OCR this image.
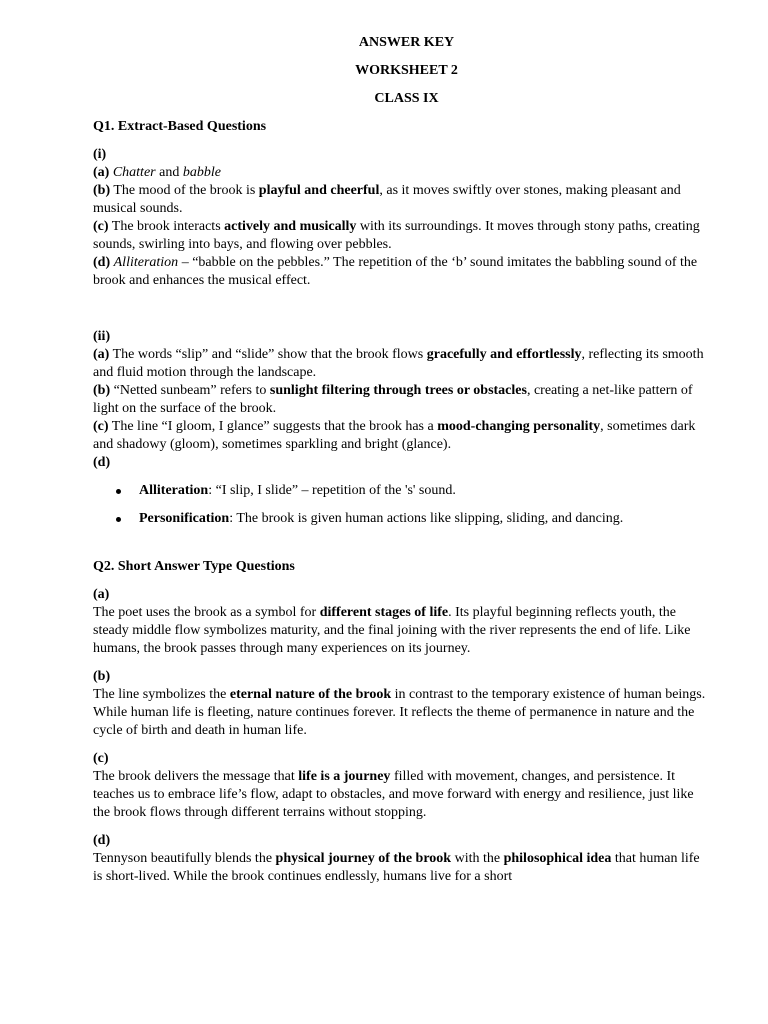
ANSWER KEY
WORKSHEET 2
CLASS IX
Q1. Extract-Based Questions

(i)

(a) Chatter and babble

(b) The mood of the brook is playful and cheerful, as it moves swiftly over stones, making pleasant and musical sounds.

(c) The brook interacts actively and musically with its surroundings. It moves through stony paths, creating sounds, swirling into bays, and flowing over pebbles.

(d) Alliteration – “babble on the pebbles.” The repetition of the ‘b’ sound imitates the babbling sound of the brook and enhances the musical effect.

(ii)

(a) The words “slip” and “slide” show that the brook flows gracefully and effortlessly, reflecting its smooth and fluid motion through the landscape.

(b) “Netted sunbeam” refers to sunlight filtering through trees or obstacles, creating a net-like pattern of light on the surface of the brook.

(c) The line “I gloom, I glance” suggests that the brook has a mood-changing personality, sometimes dark and shadowy (gloom), sometimes sparkling and bright (glance).

(d)

Alliteration: “I slip, I slide” – repetition of the 's' sound.
Personification: The brook is given human actions like slipping, sliding, and dancing.
Q2. Short Answer Type Questions

(a)

The poet uses the brook as a symbol for different stages of life. Its playful beginning reflects youth, the steady middle flow symbolizes maturity, and the final joining with the river represents the end of life. Like humans, the brook passes through many experiences on its journey.

(b)

The line symbolizes the eternal nature of the brook in contrast to the temporary existence of human beings. While human life is fleeting, nature continues forever. It reflects the theme of permanence in nature and the cycle of birth and death in human life.

(c)

The brook delivers the message that life is a journey filled with movement, changes, and persistence. It teaches us to embrace life’s flow, adapt to obstacles, and move forward with energy and resilience, just like the brook flows through different terrains without stopping.

(d)

Tennyson beautifully blends the physical journey of the brook with the philosophical idea that human life is short-lived. While the brook continues endlessly, humans live for a short
